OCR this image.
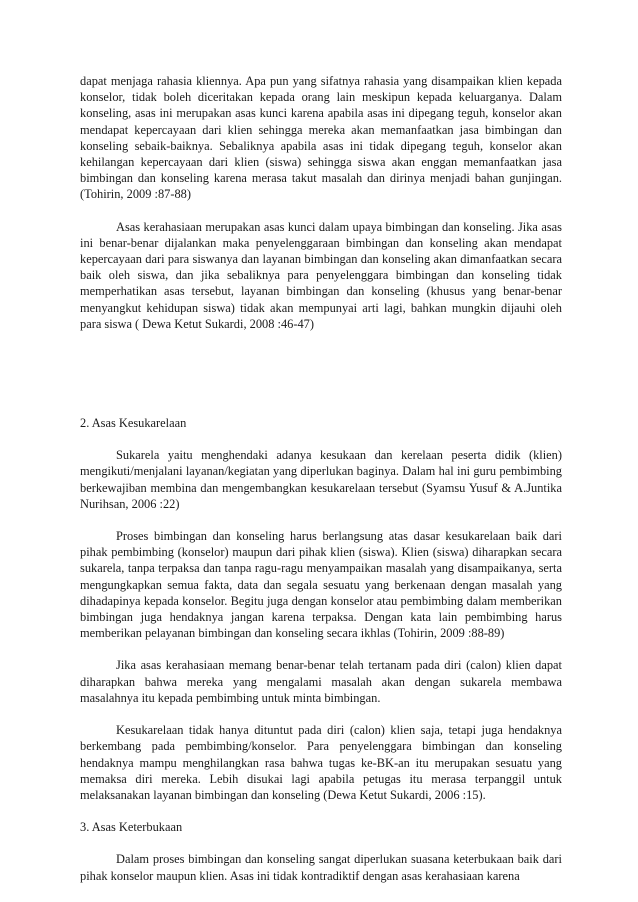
dapat menjaga rahasia kliennya. Apa pun yang sifatnya rahasia yang disampaikan klien kepada konselor, tidak boleh diceritakan kepada orang lain meskipun kepada keluarganya. Dalam konseling, asas ini merupakan asas kunci karena apabila asas ini dipegang teguh, konselor akan mendapat kepercayaan dari klien sehingga mereka akan memanfaatkan jasa bimbingan dan konseling sebaik-baiknya. Sebaliknya apabila asas ini tidak dipegang teguh, konselor akan kehilangan kepercayaan dari klien (siswa) sehingga siswa akan enggan memanfaatkan jasa bimbingan dan konseling karena merasa takut masalah dan dirinya menjadi bahan gunjingan. (Tohirin, 2009 :87-88)

Asas kerahasiaan merupakan asas kunci dalam upaya bimbingan dan konseling. Jika asas ini benar-benar dijalankan maka penyelenggaraan bimbingan dan konseling akan mendapat kepercayaan dari para siswanya dan layanan bimbingan dan konseling akan dimanfaatkan secara baik oleh siswa, dan jika sebaliknya para penyelenggara bimbingan dan konseling tidak memperhatikan asas tersebut, layanan bimbingan dan konseling (khusus yang benar-benar menyangkut kehidupan siswa) tidak akan mempunyai arti lagi, bahkan mungkin dijauhi oleh para siswa ( Dewa Ketut Sukardi, 2008 :46-47)

2. Asas Kesukarelaan

Sukarela yaitu menghendaki adanya kesukaan dan kerelaan peserta didik (klien) mengikuti/menjalani layanan/kegiatan yang diperlukan baginya. Dalam hal ini guru pembimbing berkewajiban membina dan mengembangkan kesukarelaan tersebut (Syamsu Yusuf & A.Juntika Nurihsan, 2006 :22)

Proses bimbingan dan konseling harus berlangsung atas dasar kesukarelaan baik dari pihak pembimbing (konselor) maupun dari pihak klien (siswa). Klien (siswa) diharapkan secara sukarela, tanpa terpaksa dan tanpa ragu-ragu menyampaikan masalah yang disampaikanya, serta mengungkapkan semua fakta, data dan segala sesuatu yang berkenaan dengan masalah yang dihadapinya kepada konselor. Begitu juga dengan konselor atau pembimbing dalam memberikan bimbingan juga hendaknya jangan karena terpaksa. Dengan kata lain pembimbing harus memberikan pelayanan bimbingan dan konseling secara ikhlas (Tohirin, 2009 :88-89)

Jika asas kerahasiaan memang benar-benar telah tertanam pada diri (calon) klien dapat diharapkan bahwa mereka yang mengalami masalah akan dengan sukarela membawa masalahnya itu kepada pembimbing untuk minta bimbingan.

Kesukarelaan tidak hanya dituntut pada diri (calon) klien saja, tetapi juga hendaknya berkembang pada pembimbing/konselor. Para penyelenggara bimbingan dan konseling hendaknya mampu menghilangkan rasa bahwa tugas ke-BK-an itu merupakan sesuatu yang memaksa diri mereka. Lebih disukai lagi apabila petugas itu merasa terpanggil untuk melaksanakan layanan bimbingan dan konseling (Dewa Ketut Sukardi, 2006 :15).

3. Asas Keterbukaan

Dalam proses bimbingan dan konseling sangat diperlukan suasana keterbukaan baik dari pihak konselor maupun klien. Asas ini tidak kontradiktif dengan asas kerahasiaan karena
